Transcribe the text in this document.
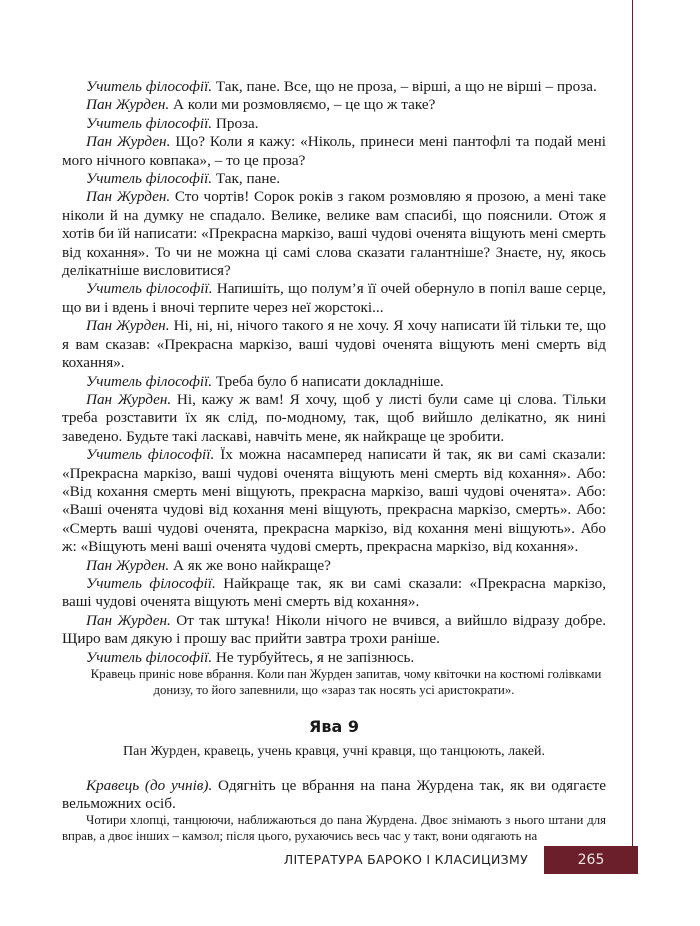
Учитель філософії. Так, пане. Все, що не проза, – вірші, а що не вірші – проза.

Пан Журден. А коли ми розмовляємо, – це що ж таке?

Учитель філософії. Проза.

Пан Журден. Що? Коли я кажу: «Ніколь, принеси мені пантофлі та подай мені мого нічного ковпака», – то це проза?

Учитель філософії. Так, пане.

Пан Журден. Сто чортів! Сорок років з гаком розмовляю я прозою, а мені таке ніколи й на думку не спадало. Велике, велике вам спасибі, що пояснили. Отож я хотів би їй написати: «Прекрасна маркізо, ваші чудові оченята віщують мені смерть від кохання». То чи не можна ці самі слова сказати галантніше? Знаєте, ну, якось делікатніше висловитися?

Учитель філософії. Напишіть, що полум’я її очей обернуло в попіл ваше серце, що ви і вдень і вночі терпите через неї жорстокі...

Пан Журден. Ні, ні, ні, нічого такого я не хочу. Я хочу написати їй тільки те, що я вам сказав: «Прекрасна маркізо, ваші чудові оченята віщують мені смерть від кохання».

Учитель філософії. Треба було б написати докладніше.

Пан Журден. Ні, кажу ж вам! Я хочу, щоб у листі були саме ці слова. Тільки треба розставити їх як слід, по-модному, так, щоб вийшло делікатно, як нині заведено. Будьте такі ласкаві, навчіть мене, як найкраще це зробити.

Учитель філософії. Їх можна насамперед написати й так, як ви самі сказали: «Прекрасна маркізо, ваші чудові оченята віщують мені смерть від кохання». Або: «Від кохання смерть мені віщують, прекрасна маркізо, ваші чудові оченята». Або: «Ваші оченята чудові від кохання мені віщують, прекрасна маркізо, смерть». Або: «Смерть ваші чудові оченята, прекрасна маркізо, від кохання мені віщують». Або ж: «Віщують мені ваші оченята чудові смерть, прекрасна маркізо, від кохання».

Пан Журден. А як же воно найкраще?

Учитель філософії. Найкраще так, як ви самі сказали: «Прекрасна маркізо, ваші чудові оченята віщують мені смерть від кохання».

Пан Журден. От так штука! Ніколи нічого не вчився, а вийшло відразу добре. Щиро вам дякую і прошу вас прийти завтра трохи раніше.

Учитель філософії. Не турбуйтесь, я не запізнюсь.

Кравець приніс нове вбрання. Коли пан Журден запитав, чому квіточки на костюмі голівками донизу, то його запевнили, що «зараз так носять усі аристократи».

Ява 9
Пан Журден, кравець, учень кравця, учні кравця, що танцюють, лакей.

Кравець (до учнів). Одягніть це вбрання на пана Журдена так, як ви одягаєте вельможних осіб.

Чотири хлопці, танцюючи, наближаються до пана Журдена. Двоє знімають з нього штани для вправ, а двоє інших – камзол; після цього, рухаючись весь час у такт, вони одягають на

ЛІТЕРАТУРА БАРОКО І КЛАСИЦИЗМУ	265
